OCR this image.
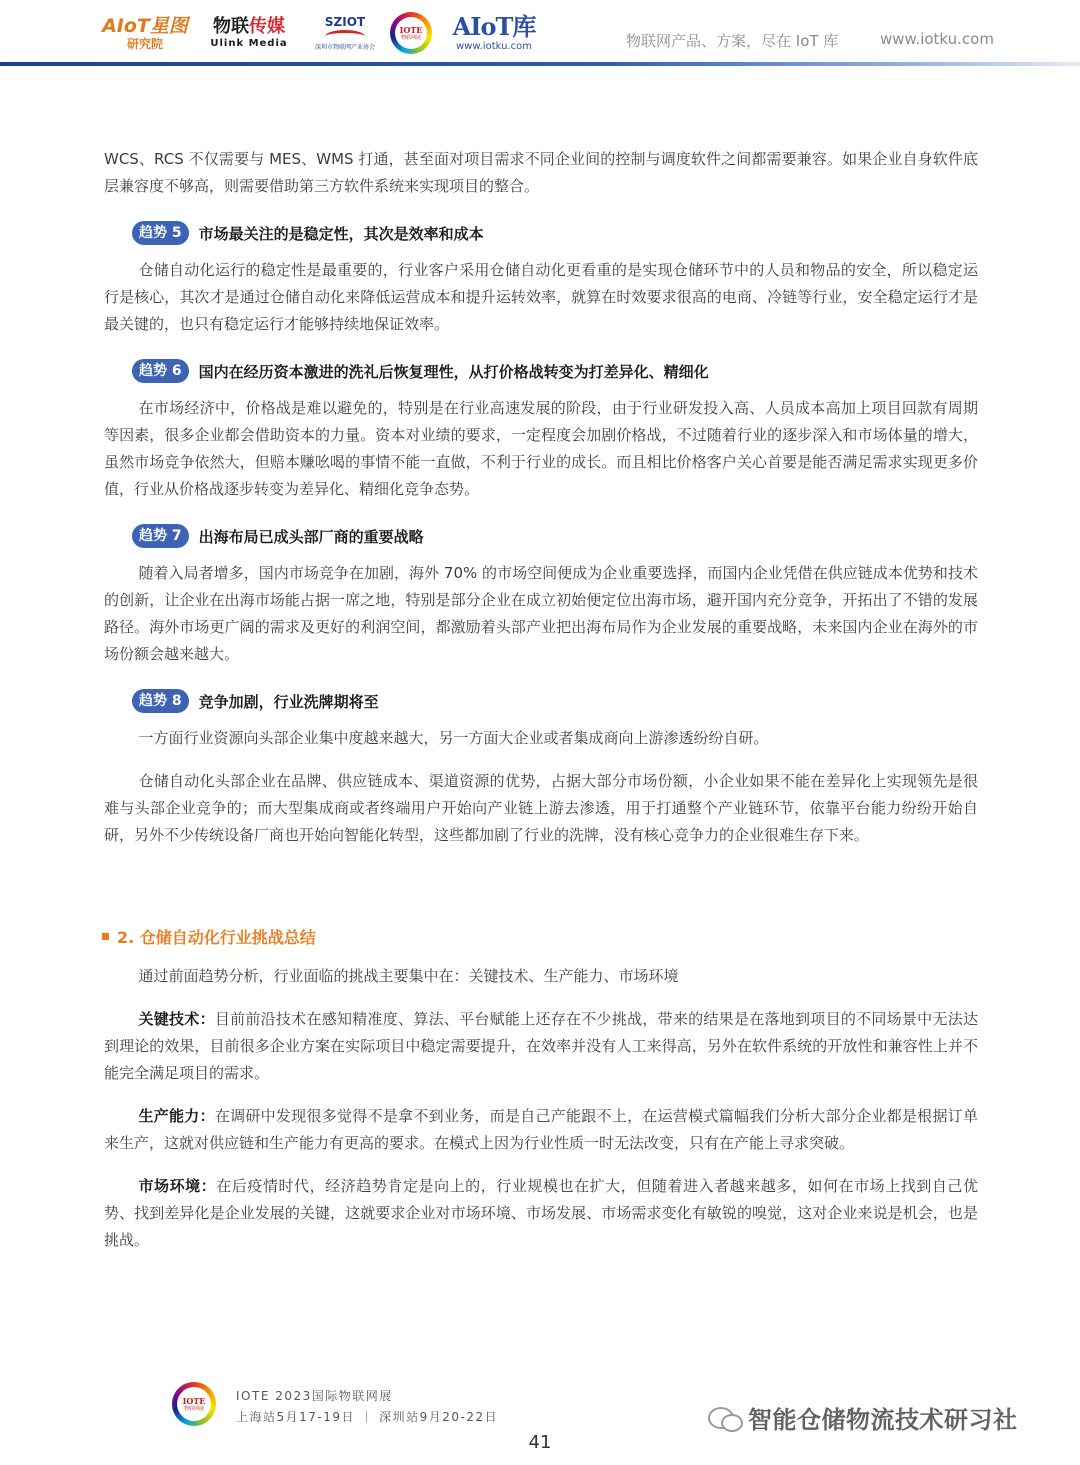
AIoT星图
研究院
物联传媒
Ulink Media
SZIOT
深圳市物联网产业协会
IOTE
物联网展 AIoT库
www.iotku.com	物联网产品、方案，尽在 IoT 库	www.iotku.com

WCS、RCS 不仅需要与 MES、WMS 打通，甚至面对项目需求不同企业间的控制与调度软件之间都需要兼容。如果企业自身软件底层兼容度不够高，则需要借助第三方软件系统来实现项目的整合。

趋势 5	市场最关注的是稳定性，其次是效率和成本

仓储自动化运行的稳定性是最重要的，行业客户采用仓储自动化更看重的是实现仓储环节中的人员和物品的安全，所以稳定运行是核心，其次才是通过仓储自动化来降低运营成本和提升运转效率，就算在时效要求很高的电商、冷链等行业，安全稳定运行才是最关键的，也只有稳定运行才能够持续地保证效率。

趋势 6	国内在经历资本激进的洗礼后恢复理性，从打价格战转变为打差异化、精细化

在市场经济中，价格战是难以避免的，特别是在行业高速发展的阶段，由于行业研发投入高、人员成本高加上项目回款有周期等因素，很多企业都会借助资本的力量。资本对业绩的要求，一定程度会加剧价格战，不过随着行业的逐步深入和市场体量的增大，虽然市场竞争依然大，但赔本赚吆喝的事情不能一直做，不利于行业的成长。而且相比价格客户关心首要是能否满足需求实现更多价值，行业从价格战逐步转变为差异化、精细化竞争态势。

趋势 7	出海布局已成头部厂商的重要战略

随着入局者增多，国内市场竞争在加剧，海外 70% 的市场空间便成为企业重要选择，而国内企业凭借在供应链成本优势和技术的创新，让企业在出海市场能占据一席之地，特别是部分企业在成立初始便定位出海市场，避开国内充分竞争，开拓出了不错的发展路径。海外市场更广阔的需求及更好的利润空间，都激励着头部产业把出海布局作为企业发展的重要战略，未来国内企业在海外的市场份额会越来越大。

趋势 8	竞争加剧，行业洗牌期将至

一方面行业资源向头部企业集中度越来越大，另一方面大企业或者集成商向上游渗透纷纷自研。

仓储自动化头部企业在品牌、供应链成本、渠道资源的优势，占据大部分市场份额，小企业如果不能在差异化上实现领先是很难与头部企业竞争的；而大型集成商或者终端用户开始向产业链上游去渗透，用于打通整个产业链环节，依靠平台能力纷纷开始自研，另外不少传统设备厂商也开始向智能化转型，这些都加剧了行业的洗牌，没有核心竞争力的企业很难生存下来。

2. 仓储自动化行业挑战总结

通过前面趋势分析，行业面临的挑战主要集中在：关键技术、生产能力、市场环境

关键技术：目前前沿技术在感知精准度、算法、平台赋能上还存在不少挑战，带来的结果是在落地到项目的不同场景中无法达到理论的效果，目前很多企业方案在实际项目中稳定需要提升，在效率并没有人工来得高，另外在软件系统的开放性和兼容性上并不能完全满足项目的需求。

生产能力：在调研中发现很多觉得不是拿不到业务，而是自己产能跟不上，在运营模式篇幅我们分析大部分企业都是根据订单来生产，这就对供应链和生产能力有更高的要求。在模式上因为行业性质一时无法改变，只有在产能上寻求突破。

市场环境：在后疫情时代，经济趋势肯定是向上的，行业规模也在扩大，但随着进入者越来越多，如何在市场上找到自己优势、找到差异化是企业发展的关键，这就要求企业对市场环境、市场发展、市场需求变化有敏锐的嗅觉，这对企业来说是机会，也是挑战。

IOTE
物联网展
IOTE 2023国际物联网展
上海站5月17-19日 ｜ 深圳站9月20-22日	智能仓储物流技术研习社
41
